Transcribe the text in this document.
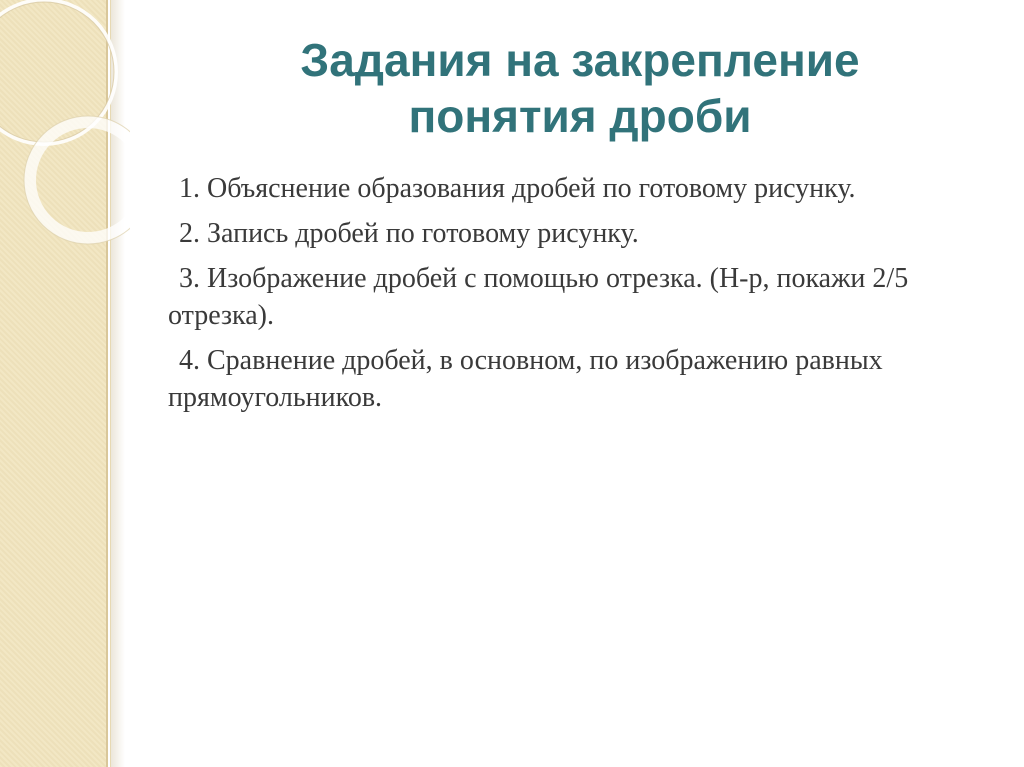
Задания на закрепление
понятия дроби
1. Объяснение образования дробей по готовому рисунку.
2. Запись дробей по готовому рисунку.
3. Изображение дробей с помощью отрезка. (Н-р, покажи 2/5 отрезка).
4. Сравнение дробей, в основном, по изображению равных прямоугольников.
